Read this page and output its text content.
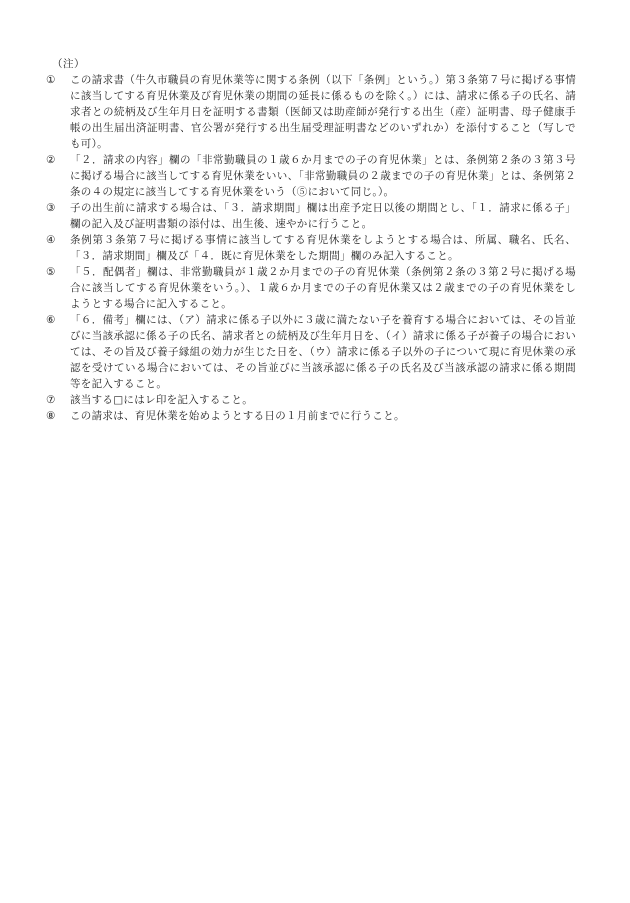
（注）
①	この請求書（牛久市職員の育児休業等に関する条例（以下「条例」という。）第３条第７号に掲げる事情に該当してする育児休業及び育児休業の期間の延長に係るものを除く。）には、請求に係る子の氏名、請求者との続柄及び生年月日を証明する書類（医師又は助産師が発行する出生（産）証明書、母子健康手帳の出生届出済証明書、官公署が発行する出生届受理証明書などのいずれか）を添付すること（写しでも可）。
②	「２．請求の内容」欄の「非常勤職員の１歳６か月までの子の育児休業」とは、条例第２条の３第３号に掲げる場合に該当してする育児休業をいい、「非常勤職員の２歳までの子の育児休業」とは、条例第２条の４の規定に該当してする育児休業をいう（⑤において同じ。）。
③	子の出生前に請求する場合は、「３．請求期間」欄は出産予定日以後の期間とし、「１．請求に係る子」欄の記入及び証明書類の添付は、出生後、速やかに行うこと。
④	条例第３条第７号に掲げる事情に該当してする育児休業をしようとする場合は、所属、職名、氏名、「３．請求期間」欄及び「４．既に育児休業をした期間」欄のみ記入すること。
⑤	「５．配偶者」欄は、非常勤職員が１歳２か月までの子の育児休業（条例第２条の３第２号に掲げる場合に該当してする育児休業をいう。）、１歳６か月までの子の育児休業又は２歳までの子の育児休業をしようとする場合に記入すること。
⑥	「６．備考」欄には、（ア）請求に係る子以外に３歳に満たない子を養育する場合においては、その旨並びに当該承認に係る子の氏名、請求者との続柄及び生年月日を、（イ）請求に係る子が養子の場合においては、その旨及び養子縁組の効力が生じた日を、（ウ）請求に係る子以外の子について現に育児休業の承認を受けている場合においては、その旨並びに当該承認に係る子の氏名及び当該承認の請求に係る期間等を記入すること。
⑦	該当する□にはレ印を記入すること。
⑧	この請求は、育児休業を始めようとする日の１月前までに行うこと。
